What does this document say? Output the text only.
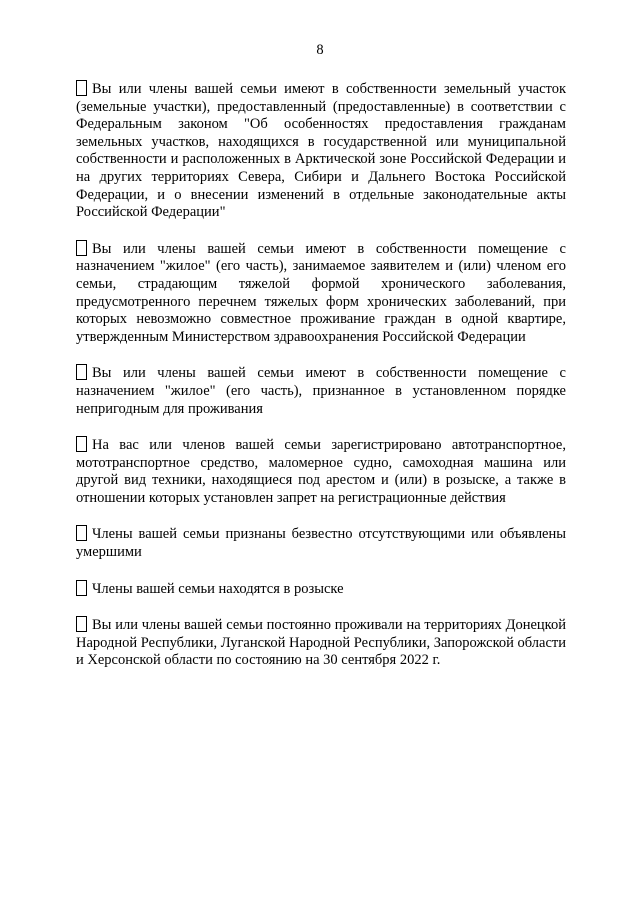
8

Вы или члены вашей семьи имеют в собственности земельный участок (земельные участки), предоставленный (предоставленные) в соответствии с Федеральным законом "Об особенностях предоставления гражданам земельных участков, находящихся в государственной или муниципальной собственности и расположенных в Арктической зоне Российской Федерации и на других территориях Севера, Сибири и Дальнего Востока Российской Федерации, и о внесении изменений в отдельные законодательные акты Российской Федерации"

Вы или члены вашей семьи имеют в собственности помещение с назначением "жилое" (его часть), занимаемое заявителем и (или) членом его семьи, страдающим тяжелой формой хронического заболевания, предусмотренного перечнем тяжелых форм хронических заболеваний, при которых невозможно совместное проживание граждан в одной квартире, утвержденным Министерством здравоохранения Российской Федерации

Вы или члены вашей семьи имеют в собственности помещение с назначением "жилое" (его часть), признанное в установленном порядке непригодным для проживания

На вас или членов вашей семьи зарегистрировано автотранспортное, мототранспортное средство, маломерное судно, самоходная машина или другой вид техники, находящиеся под арестом и (или) в розыске, а также в отношении которых установлен запрет на регистрационные действия

Члены вашей семьи признаны безвестно отсутствующими или объявлены умершими

Члены вашей семьи находятся в розыске

Вы или члены вашей семьи постоянно проживали на территориях Донецкой Народной Республики, Луганской Народной Республики, Запорожской области и Херсонской области по состоянию на 30 сентября 2022 г.
